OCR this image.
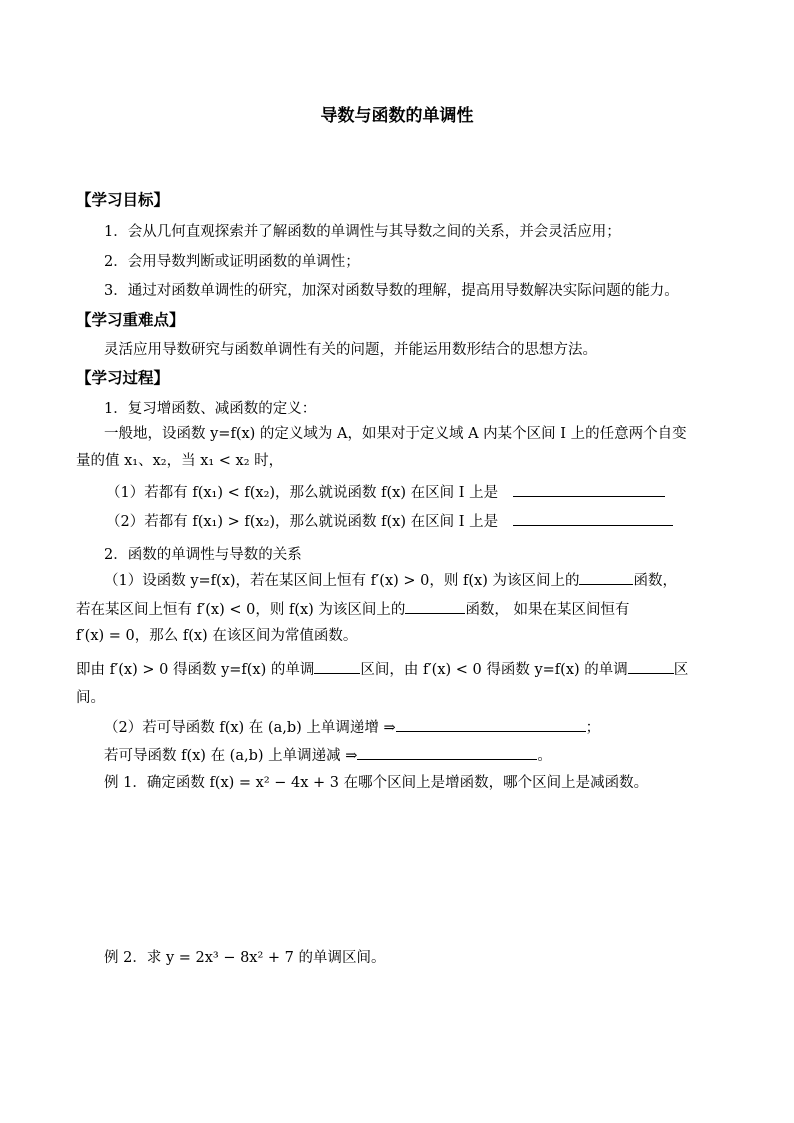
导数与函数的单调性
【学习目标】
1．会从几何直观探索并了解函数的单调性与其导数之间的关系，并会灵活应用；
2．会用导数判断或证明函数的单调性；
3．通过对函数单调性的研究，加深对函数导数的理解，提高用导数解决实际问题的能力。
【学习重难点】
灵活应用导数研究与函数单调性有关的问题，并能运用数形结合的思想方法。
【学习过程】
1．复习增函数、减函数的定义：
一般地，设函数 y=f(x) 的定义域为 A，如果对于定义域 A 内某个区间 I 上的任意两个自变
量的值 x₁、x₂，当 x₁ < x₂ 时，
（1）若都有 f(x₁) < f(x₂)，那么就说函数 f(x) 在区间 I 上是
（2）若都有 f(x₁) > f(x₂)，那么就说函数 f(x) 在区间 I 上是
2．函数的单调性与导数的关系
（1）设函数 y=f(x)，若在某区间上恒有 f′(x) > 0，则 f(x) 为该区间上的	函数，
若在某区间上恒有 f′(x) < 0，则 f(x) 为该区间上的	函数， 如果在某区间恒有
f′(x) = 0，那么 f(x) 在该区间为常值函数。
即由 f′(x) > 0 得函数 y=f(x) 的单调	区间，由 f′(x) < 0 得函数 y=f(x) 的单调	区
间。
（2）若可导函数 f(x) 在 (a,b) 上单调递增 ⇒	；
若可导函数 f(x) 在 (a,b) 上单调递减 ⇒	。
例 1．确定函数 f(x) = x² − 4x + 3 在哪个区间上是增函数，哪个区间上是减函数。
例 2．求 y = 2x³ − 8x² + 7 的单调区间。
